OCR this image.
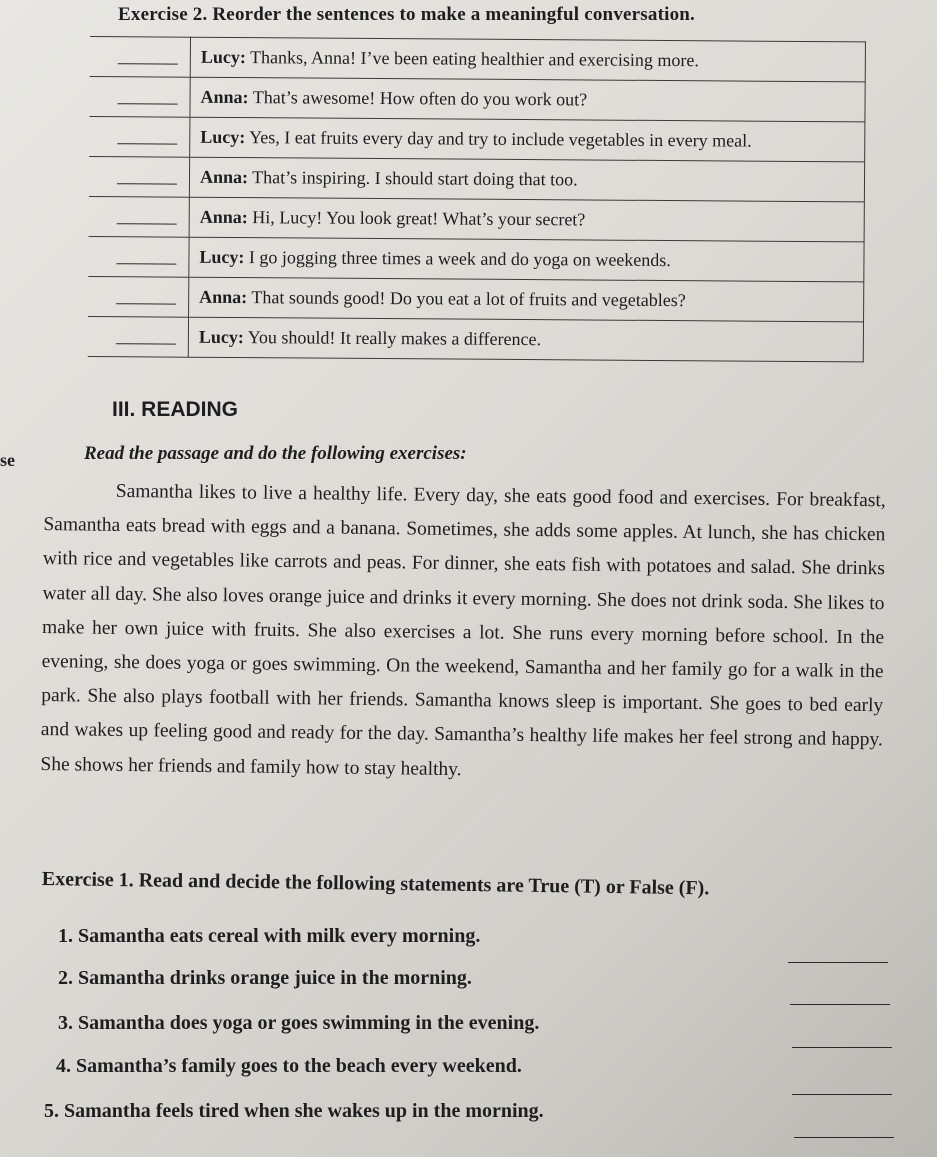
Exercise 2. Reorder the sentences to make a meaningful conversation.
	Lucy: Thanks, Anna! I’ve been eating healthier and exercising more.

	Anna: That’s awesome! How often do you work out?

	Lucy: Yes, I eat fruits every day and try to include vegetables in every meal.

	Anna: That’s inspiring. I should start doing that too.

	Anna: Hi, Lucy! You look great! What’s your secret?

	Lucy: I go jogging three times a week and do yoga on weekends.

	Anna: That sounds good! Do you eat a lot of fruits and vegetables?

	Lucy: You should! It really makes a difference.
III. READING
se	Read the passage and do the following exercises:
Samantha likes to live a healthy life. Every day, she eats good food and exercises. For breakfast, Samantha eats bread with eggs and a banana. Sometimes, she adds some apples. At lunch, she has chicken with rice and vegetables like carrots and peas. For dinner, she eats fish with potatoes and salad. She drinks water all day. She also loves orange juice and drinks it every morning. She does not drink soda. She likes to make her own juice with fruits. She also exercises a lot. She runs every morning before school. In the evening, she does yoga or goes swimming. On the weekend, Samantha and her family go for a walk in the park. She also plays football with her friends. Samantha knows sleep is important. She goes to bed early and wakes up feeling good and ready for the day. Samantha’s healthy life makes her feel strong and happy. She shows her friends and family how to stay healthy.
Exercise 1. Read and decide the following statements are True (T) or False (F).
1. Samantha eats cereal with milk every morning.
2. Samantha drinks orange juice in the morning.
3. Samantha does yoga or goes swimming in the evening.
4. Samantha’s family goes to the beach every weekend.
5. Samantha feels tired when she wakes up in the morning.
